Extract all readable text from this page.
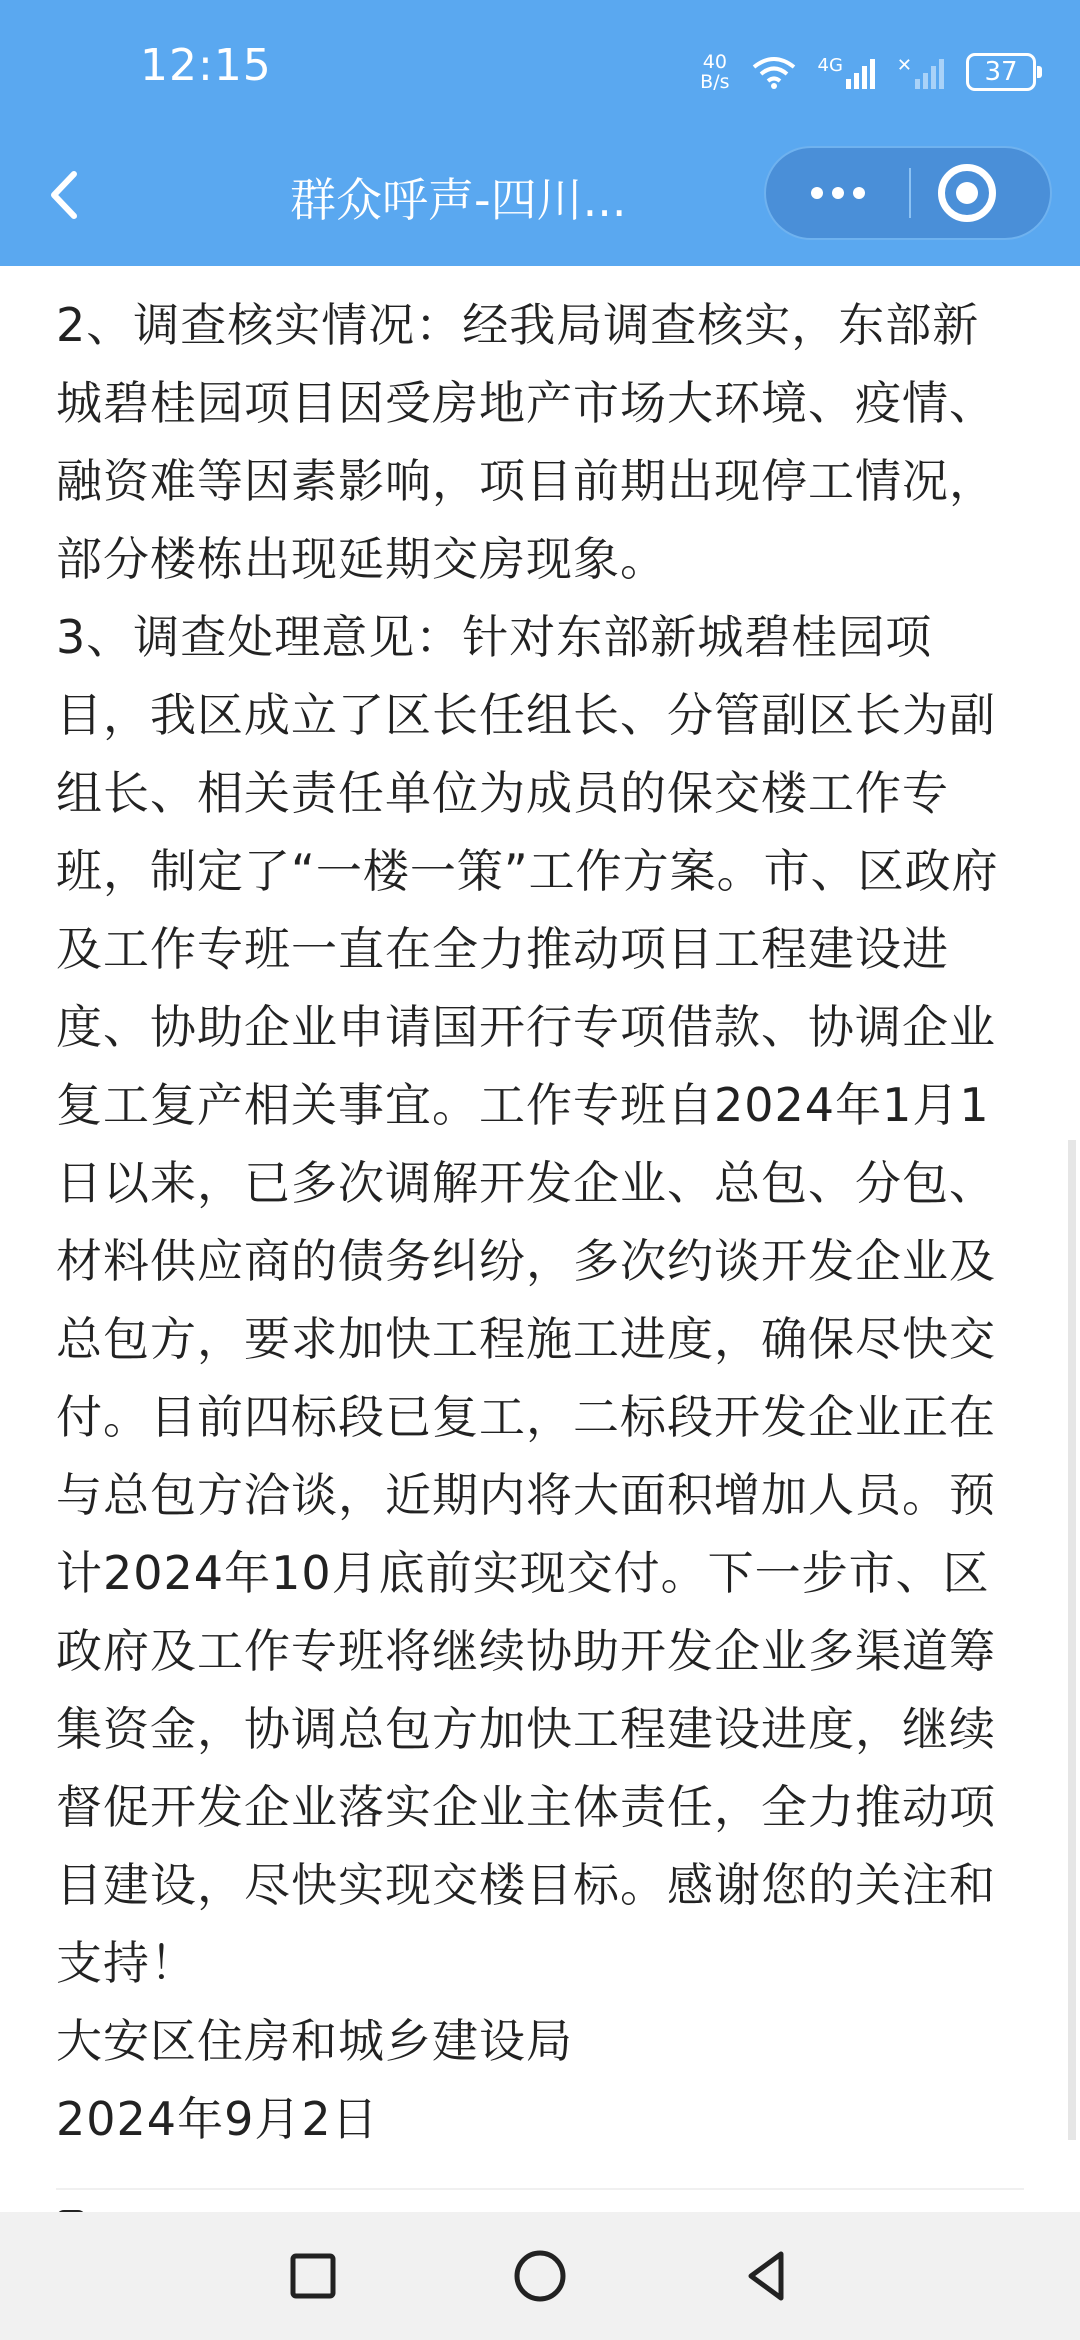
12:15	40
B/s
4G	✕	37
群众呼声-四川...

2、调查核实情况：经我局调查核实，东部新城碧桂园项目因受房地产市场大环境、疫情、融资难等因素影响，项目前期出现停工情况，部分楼栋出现延期交房现象。

3、调查处理意见：针对东部新城碧桂园项目，我区成立了区长任组长、分管副区长为副组长、相关责任单位为成员的保交楼工作专班，制定了“一楼一策”工作方案。市、区政府及工作专班一直在全力推动项目工程建设进度、协助企业申请国开行专项借款、协调企业复工复产相关事宜。工作专班自2024年1月1日以来，已多次调解开发企业、总包、分包、材料供应商的债务纠纷，多次约谈开发企业及总包方，要求加快工程施工进度，确保尽快交付。目前四标段已复工，二标段开发企业正在与总包方洽谈，近期内将大面积增加人员。预计2024年10月底前实现交付。下一步市、区政府及工作专班将继续协助开发企业多渠道筹集资金，协调总包方加快工程建设进度，继续督促开发企业落实企业主体责任，全力推动项目建设，尽快实现交楼目标。感谢您的关注和支持！

大安区住房和城乡建设局

2024年9月2日
